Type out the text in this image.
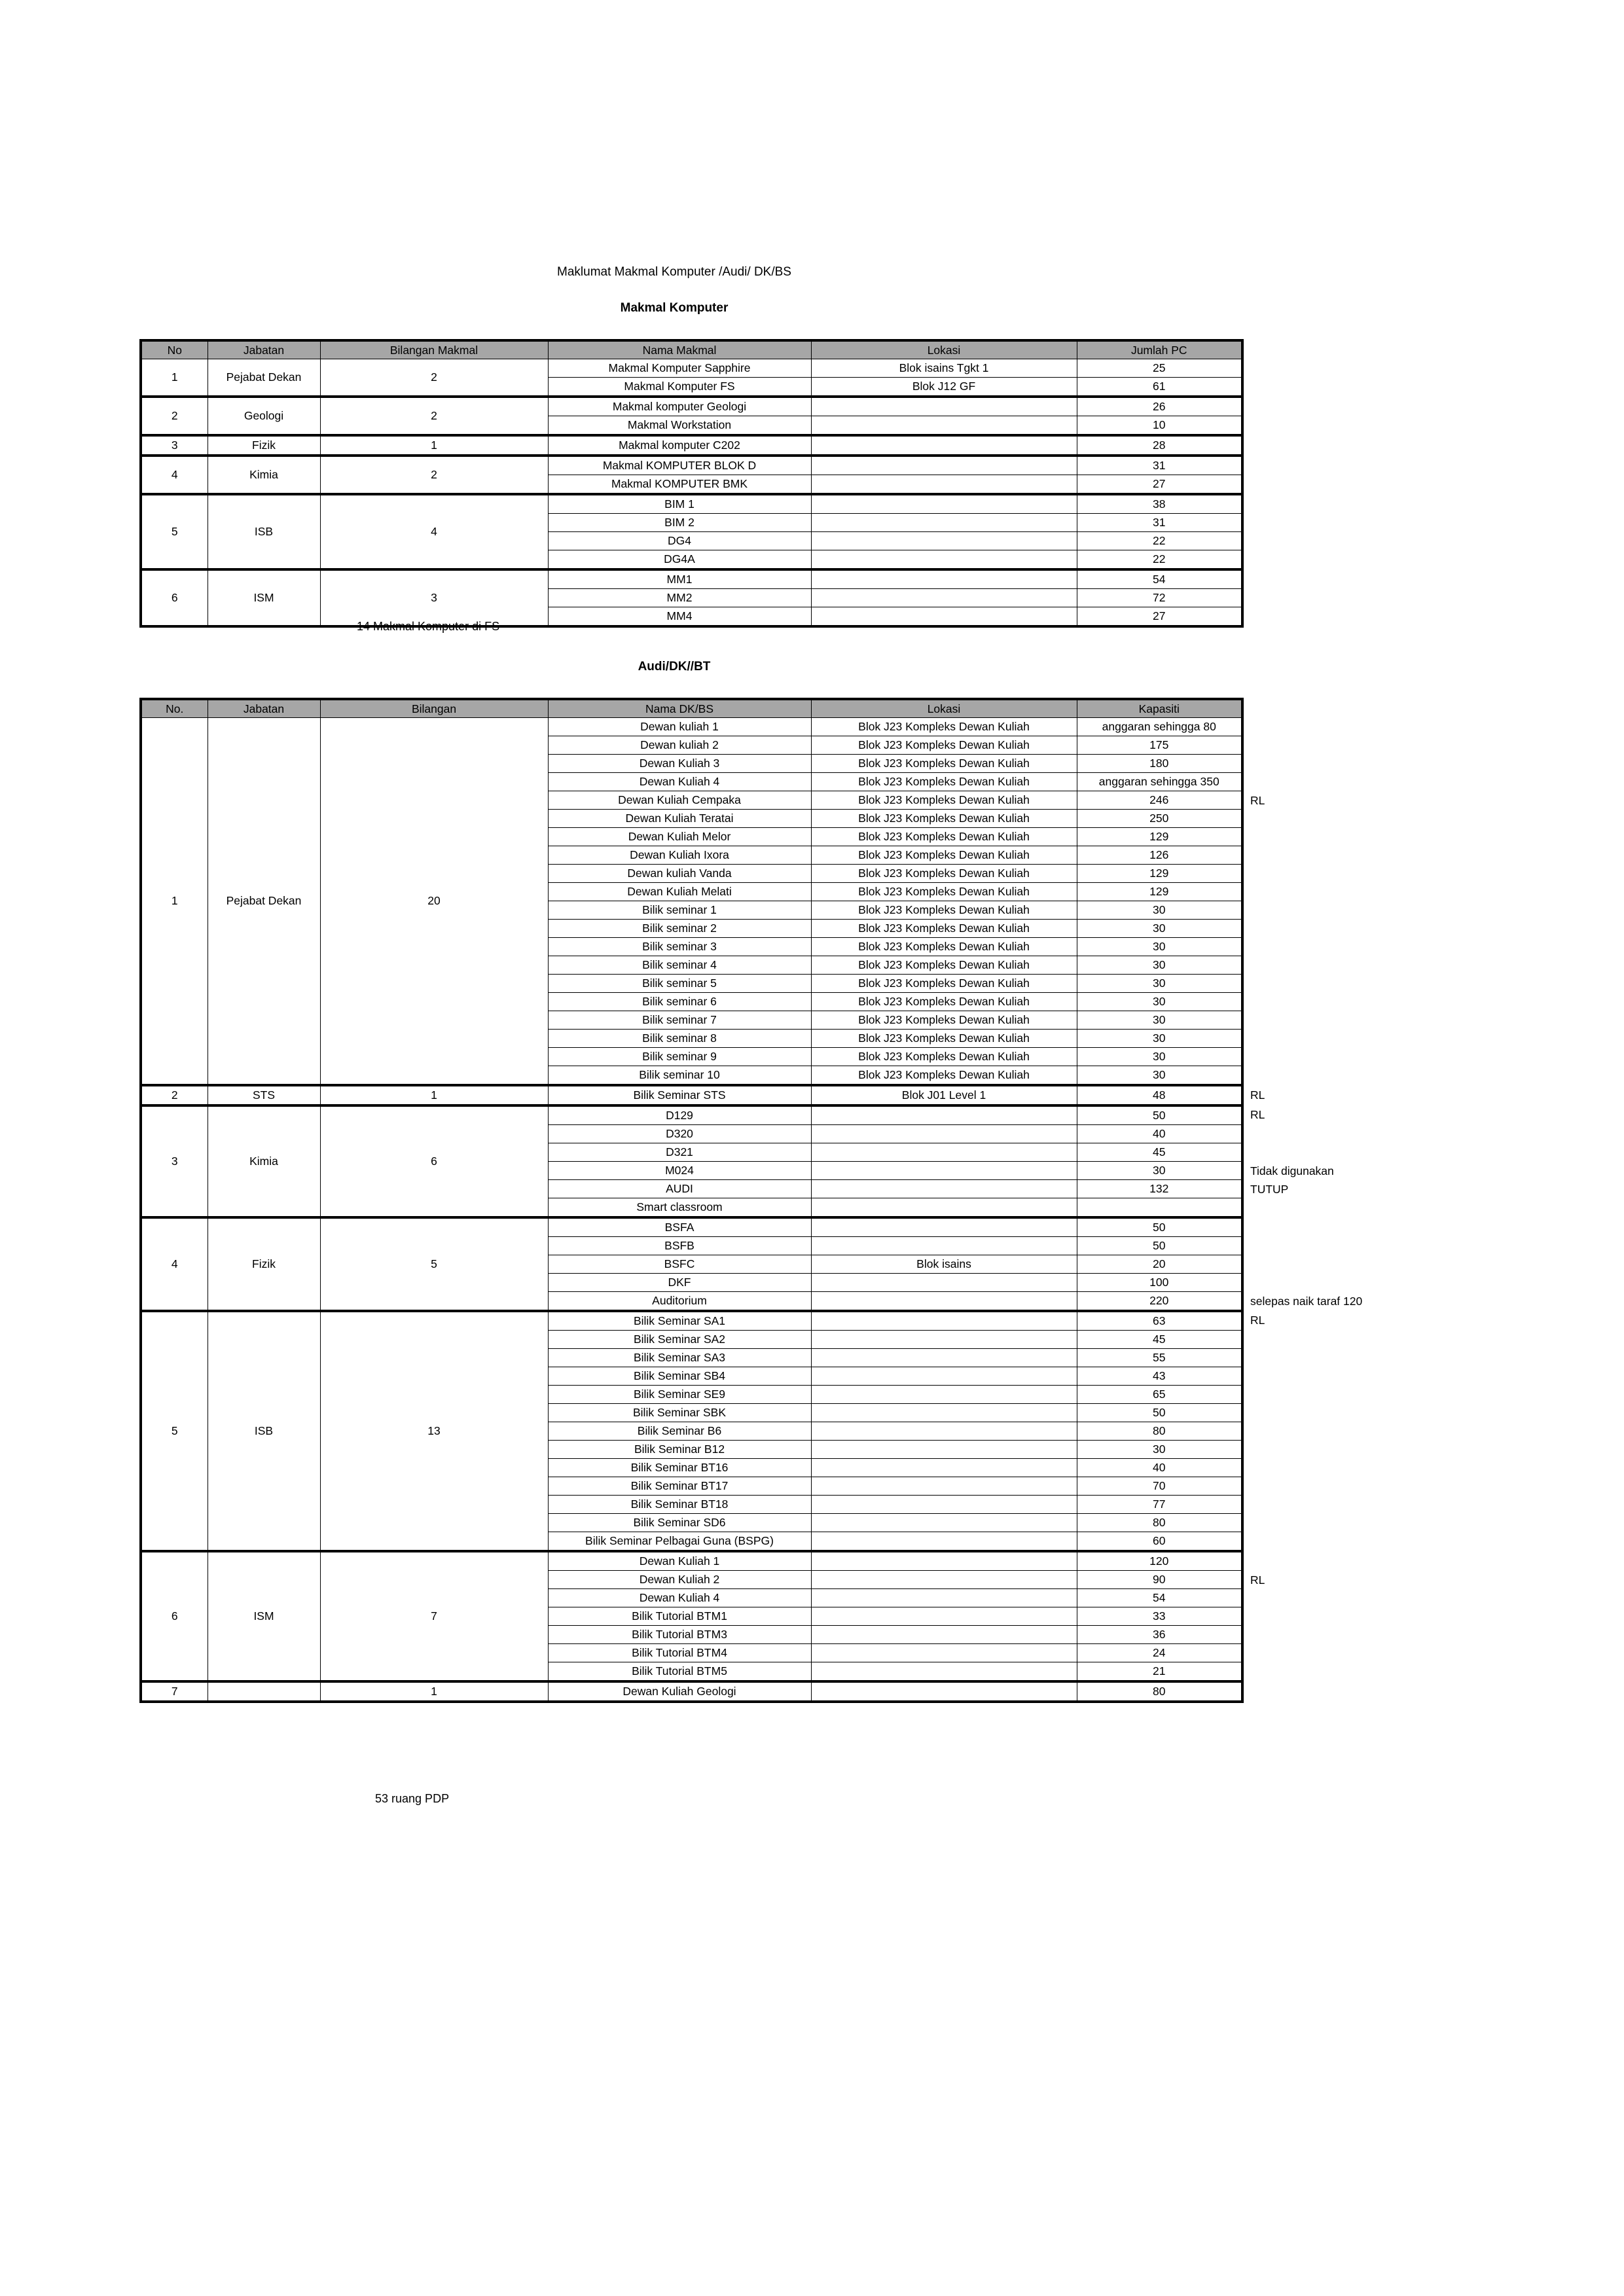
Maklumat Makmal Komputer /Audi/ DK/BS
Makmal Komputer
No	Jabatan	Bilangan Makmal	Nama Makmal	Lokasi	Jumlah PC
1	Pejabat Dekan	2	Makmal Komputer Sapphire	Blok isains Tgkt 1	25
			Makmal Komputer FS	Blok J12 GF	61
2	Geologi	2	Makmal komputer Geologi		26
			Makmal Workstation		10
3	Fizik	1	Makmal komputer C202		28
4	Kimia	2	Makmal KOMPUTER BLOK D		31
			Makmal KOMPUTER BMK		27
5	ISB	4	BIM 1		38
			BIM 2		31
			DG4		22
			DG4A		22
6	ISM	3	MM1		54
			MM2		72
			MM4		27
14 Makmal Komputer di FS
Audi/DK//BT
No.	Jabatan	Bilangan	Nama DK/BS	Lokasi	Kapasiti
1	Pejabat Dekan	20	Dewan kuliah 1	Blok J23 Kompleks Dewan Kuliah	anggaran sehingga 80
			Dewan kuliah 2	Blok J23 Kompleks Dewan Kuliah	175
			Dewan Kuliah 3	Blok J23 Kompleks Dewan Kuliah	180
			Dewan Kuliah 4	Blok J23 Kompleks Dewan Kuliah	anggaran sehingga 350
			Dewan Kuliah Cempaka	Blok J23 Kompleks Dewan Kuliah	246
			Dewan Kuliah Teratai	Blok J23 Kompleks Dewan Kuliah	250
			Dewan Kuliah Melor	Blok J23 Kompleks Dewan Kuliah	129
			Dewan Kuliah Ixora	Blok J23 Kompleks Dewan Kuliah	126
			Dewan kuliah Vanda	Blok J23 Kompleks Dewan Kuliah	129
			Dewan Kuliah Melati	Blok J23 Kompleks Dewan Kuliah	129
			Bilik seminar 1	Blok J23 Kompleks Dewan Kuliah	30
			Bilik seminar 2	Blok J23 Kompleks Dewan Kuliah	30
			Bilik seminar 3	Blok J23 Kompleks Dewan Kuliah	30
			Bilik seminar 4	Blok J23 Kompleks Dewan Kuliah	30
			Bilik seminar 5	Blok J23 Kompleks Dewan Kuliah	30
			Bilik seminar 6	Blok J23 Kompleks Dewan Kuliah	30
			Bilik seminar 7	Blok J23 Kompleks Dewan Kuliah	30
			Bilik seminar 8	Blok J23 Kompleks Dewan Kuliah	30
			Bilik seminar 9	Blok J23 Kompleks Dewan Kuliah	30
			Bilik seminar 10	Blok J23 Kompleks Dewan Kuliah	30
2	STS	1	Bilik Seminar STS	Blok J01 Level 1	48
3	Kimia	6	D129		50
			D320		40
			D321		45
			M024		30
			AUDI		132
			Smart classroom		
4	Fizik	5	BSFA		50
			BSFB		50
			BSFC	Blok isains	20
			DKF		100
			Auditorium		220
5	ISB	13	Bilik Seminar SA1		63
			Bilik Seminar SA2		45
			Bilik Seminar SA3		55
			Bilik Seminar SB4		43
			Bilik Seminar SE9		65
			Bilik Seminar SBK		50
			Bilik Seminar B6		80
			Bilik Seminar B12		30
			Bilik Seminar BT16		40
			Bilik Seminar BT17		70
			Bilik Seminar BT18		77
			Bilik Seminar SD6		80
			Bilik Seminar Pelbagai Guna (BSPG)		60
6	ISM	7	Dewan Kuliah 1		120
			Dewan Kuliah 2		90
			Dewan Kuliah 4		54
			Bilik Tutorial BTM1		33
			Bilik Tutorial BTM3		36
			Bilik Tutorial BTM4		24
			Bilik Tutorial BTM5		21
7		1	Dewan Kuliah Geologi		80
RL
RL
RL
Tidak digunakan
TUTUP
selepas naik taraf 120
RL
RL
53 ruang PDP
